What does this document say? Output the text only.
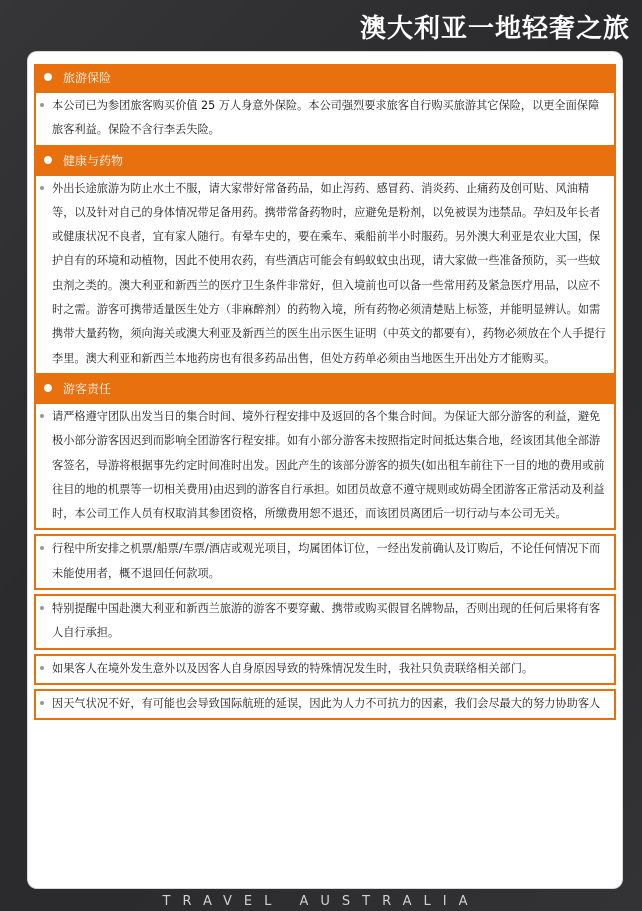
澳大利亚一地轻奢之旅
旅游保险
本公司已为参团旅客购买价值 25 万人身意外保险。本公司强烈要求旅客自行购买旅游其它保险，以更全面保障旅客利益。保险不含行李丢失险。
健康与药物
外出长途旅游为防止水土不服，请大家带好常备药品，如止泻药、感冒药、消炎药、止痛药及创可贴、风油精等，以及针对自己的身体情况带足备用药。携带常备药物时，应避免是粉剂，以免被误为违禁品。孕妇及年长者或健康状况不良者，宜有家人随行。有晕车史的，要在乘车、乘船前半小时服药。另外澳大利亚是农业大国，保护自有的环境和动植物，因此不使用农药，有些酒店可能会有蚂蚁蚊虫出现，请大家做一些准备预防，买一些蚊虫剂之类的。澳大利亚和新西兰的医疗卫生条件非常好，但入境前也可以备一些常用药及紧急医疗用品，以应不时之需。游客可携带适量医生处方（非麻醉剂）的药物入境，所有药物必须清楚贴上标签，并能明显辨认。如需携带大量药物，须向海关或澳大利亚及新西兰的医生出示医生证明（中英文的都要有），药物必须放在个人手提行李里。澳大利亚和新西兰本地药房也有很多药品出售，但处方药单必须由当地医生开出处方才能购买。
游客责任
请严格遵守团队出发当日的集合时间、境外行程安排中及返回的各个集合时间。为保证大部分游客的利益，避免极小部分游客因迟到而影响全团游客行程安排。如有小部分游客未按照指定时间抵达集合地，经该团其他全部游客签名，导游将根据事先约定时间准时出发。因此产生的该部分游客的损失(如出租车前往下一目的地的费用或前往目的地的机票等一切相关费用)由迟到的游客自行承担。如团员故意不遵守规则或妨碍全团游客正常活动及利益时，本公司工作人员有权取消其参团资格，所缴费用恕不退还，而该团员离团后一切行动与本公司无关。
行程中所安排之机票/船票/车票/酒店或观光项目，均属团体订位，一经出发前确认及订购后，不论任何情况下而未能使用者，概不退回任何款项。
特别提醒中国赴澳大利亚和新西兰旅游的游客不要穿戴、携带或购买假冒名牌物品，否则出现的任何后果将有客人自行承担。
如果客人在境外发生意外以及因客人自身原因导致的特殊情况发生时，我社只负责联络相关部门。
因天气状况不好，有可能也会导致国际航班的延误，因此为人力不可抗力的因素，我们会尽最大的努力协助客人
TRAVEL AUSTRALIA
